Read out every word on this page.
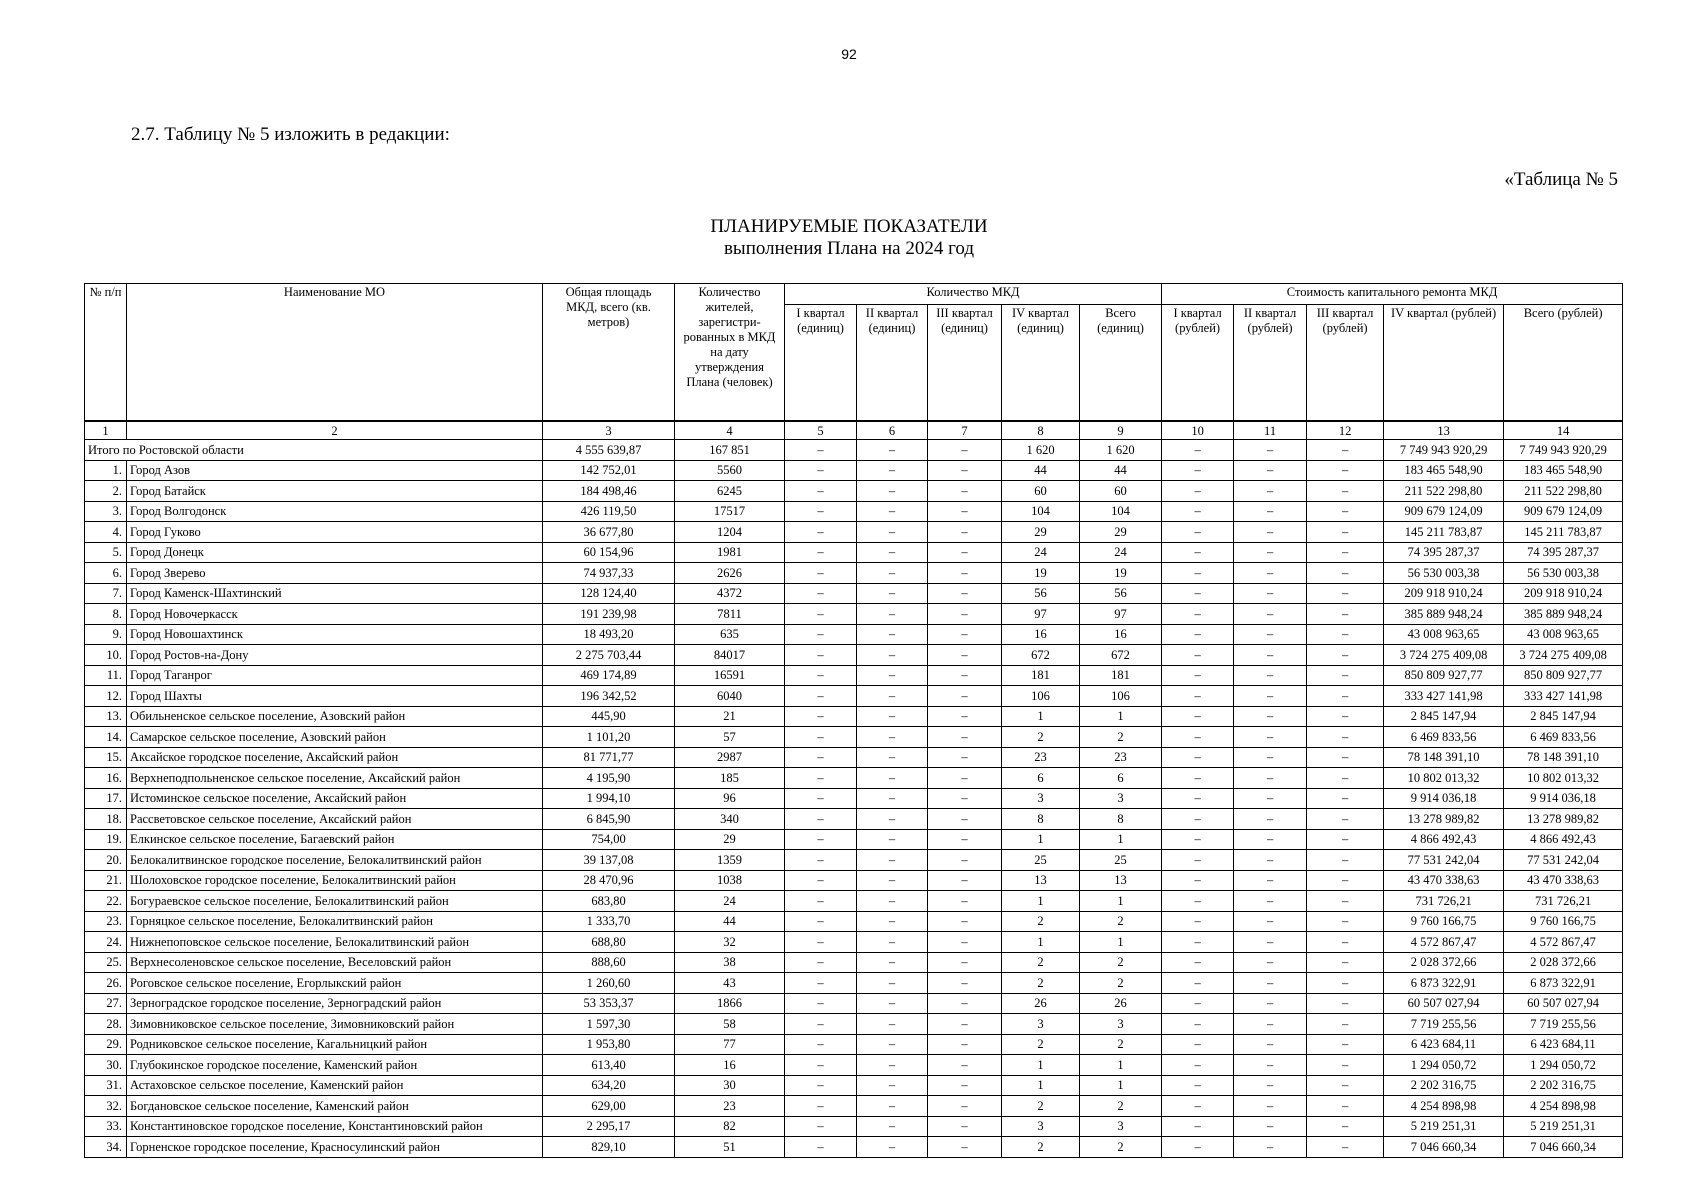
92
2.7. Таблицу № 5 изложить в редакции:
«Таблица № 5
ПЛАНИРУЕМЫЕ ПОКАЗАТЕЛИ
выполнения Плана на 2024 год
№ п/п	Наименование МО	Общая площадь МКД, всего (кв. метров)	Количество жителей, зарегистри-рованных в МКД на дату утверждения Плана (человек)	Количество МКД					Стоимость капитального ремонта МКД				
				I квартал (единиц)	II квартал (единиц)	III квартал (единиц)	IV квартал (единиц)	Всего (единиц)	I квартал (рублей)	II квартал (рублей)	III квартал (рублей)	IV квартал (рублей)	Всего (рублей)
1	2	3	4	5	6	7	8	9	10	11	12	13	14
Итого по Ростовской области		4 555 639,87	167 851	–	–	–	1 620	1 620	–	–	–	7 749 943 920,29	7 749 943 920,29
1.	Город Азов	142 752,01	5560	–	–	–	44	44	–	–	–	183 465 548,90	183 465 548,90
2.	Город Батайск	184 498,46	6245	–	–	–	60	60	–	–	–	211 522 298,80	211 522 298,80
3.	Город Волгодонск	426 119,50	17517	–	–	–	104	104	–	–	–	909 679 124,09	909 679 124,09
4.	Город Гуково	36 677,80	1204	–	–	–	29	29	–	–	–	145 211 783,87	145 211 783,87
5.	Город Донецк	60 154,96	1981	–	–	–	24	24	–	–	–	74 395 287,37	74 395 287,37
6.	Город Зверево	74 937,33	2626	–	–	–	19	19	–	–	–	56 530 003,38	56 530 003,38
7.	Город Каменск-Шахтинский	128 124,40	4372	–	–	–	56	56	–	–	–	209 918 910,24	209 918 910,24
8.	Город Новочеркасск	191 239,98	7811	–	–	–	97	97	–	–	–	385 889 948,24	385 889 948,24
9.	Город Новошахтинск	18 493,20	635	–	–	–	16	16	–	–	–	43 008 963,65	43 008 963,65
10.	Город Ростов-на-Дону	2 275 703,44	84017	–	–	–	672	672	–	–	–	3 724 275 409,08	3 724 275 409,08
11.	Город Таганрог	469 174,89	16591	–	–	–	181	181	–	–	–	850 809 927,77	850 809 927,77
12.	Город Шахты	196 342,52	6040	–	–	–	106	106	–	–	–	333 427 141,98	333 427 141,98
13.	Обильненское сельское поселение, Азовский район	445,90	21	–	–	–	1	1	–	–	–	2 845 147,94	2 845 147,94
14.	Самарское сельское поселение, Азовский район	1 101,20	57	–	–	–	2	2	–	–	–	6 469 833,56	6 469 833,56
15.	Аксайское городское поселение, Аксайский район	81 771,77	2987	–	–	–	23	23	–	–	–	78 148 391,10	78 148 391,10
16.	Верхнеподпольненское сельское поселение, Аксайский район	4 195,90	185	–	–	–	6	6	–	–	–	10 802 013,32	10 802 013,32
17.	Истоминское сельское поселение, Аксайский район	1 994,10	96	–	–	–	3	3	–	–	–	9 914 036,18	9 914 036,18
18.	Рассветовское сельское поселение, Аксайский район	6 845,90	340	–	–	–	8	8	–	–	–	13 278 989,82	13 278 989,82
19.	Елкинское сельское поселение, Багаевский район	754,00	29	–	–	–	1	1	–	–	–	4 866 492,43	4 866 492,43
20.	Белокалитвинское городское поселение, Белокалитвинский район	39 137,08	1359	–	–	–	25	25	–	–	–	77 531 242,04	77 531 242,04
21.	Шолоховское городское поселение, Белокалитвинский район	28 470,96	1038	–	–	–	13	13	–	–	–	43 470 338,63	43 470 338,63
22.	Богураевское сельское поселение, Белокалитвинский район	683,80	24	–	–	–	1	1	–	–	–	731 726,21	731 726,21
23.	Горняцкое сельское поселение, Белокалитвинский район	1 333,70	44	–	–	–	2	2	–	–	–	9 760 166,75	9 760 166,75
24.	Нижнепоповское сельское поселение, Белокалитвинский район	688,80	32	–	–	–	1	1	–	–	–	4 572 867,47	4 572 867,47
25.	Верхнесоленовское сельское поселение, Веселовский район	888,60	38	–	–	–	2	2	–	–	–	2 028 372,66	2 028 372,66
26.	Роговское сельское поселение, Егорлыкский район	1 260,60	43	–	–	–	2	2	–	–	–	6 873 322,91	6 873 322,91
27.	Зерноградское городское поселение, Зерноградский район	53 353,37	1866	–	–	–	26	26	–	–	–	60 507 027,94	60 507 027,94
28.	Зимовниковское сельское поселение, Зимовниковский район	1 597,30	58	–	–	–	3	3	–	–	–	7 719 255,56	7 719 255,56
29.	Родниковское сельское поселение, Кагальницкий район	1 953,80	77	–	–	–	2	2	–	–	–	6 423 684,11	6 423 684,11
30.	Глубокинское городское поселение, Каменский район	613,40	16	–	–	–	1	1	–	–	–	1 294 050,72	1 294 050,72
31.	Астаховское сельское поселение, Каменский район	634,20	30	–	–	–	1	1	–	–	–	2 202 316,75	2 202 316,75
32.	Богдановское сельское поселение, Каменский район	629,00	23	–	–	–	2	2	–	–	–	4 254 898,98	4 254 898,98
33.	Константиновское городское поселение, Константиновский район	2 295,17	82	–	–	–	3	3	–	–	–	5 219 251,31	5 219 251,31
34.	Горненское городское поселение, Красносулинский район	829,10	51	–	–	–	2	2	–	–	–	7 046 660,34	7 046 660,34
